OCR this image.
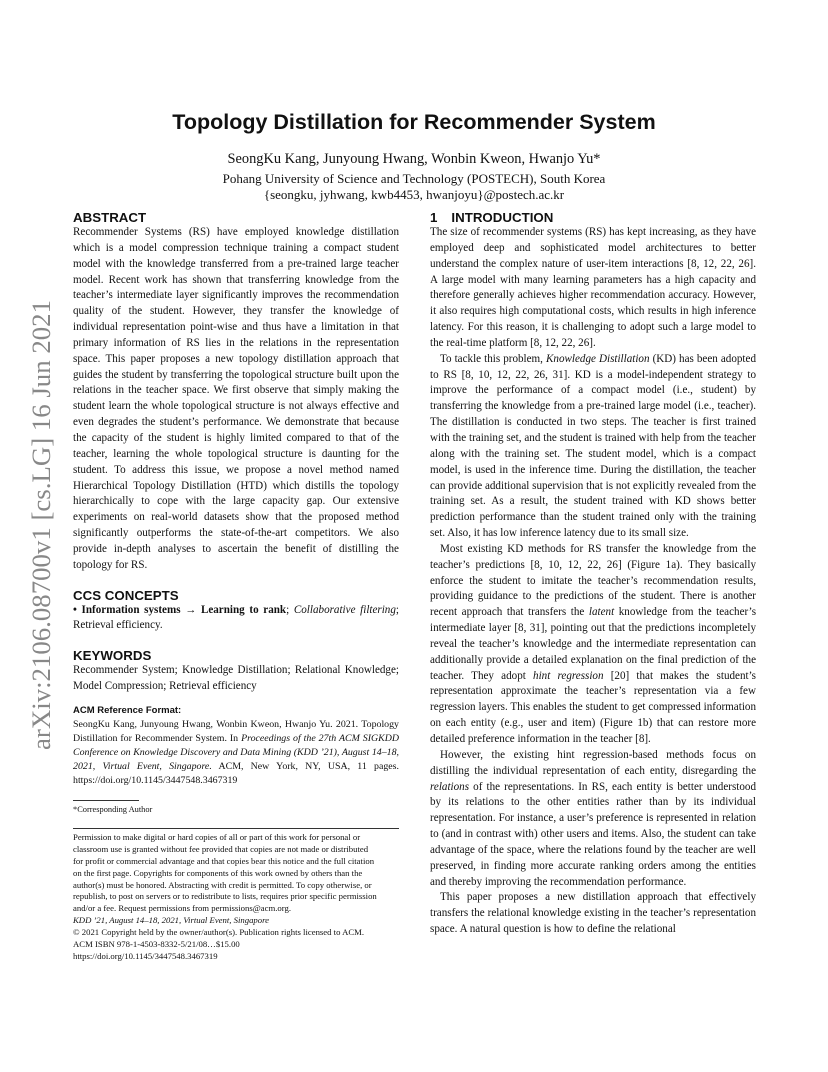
arXiv:2106.08700v1 [cs.LG] 16 Jun 2021
Topology Distillation for Recommender System
SeongKu Kang, Junyoung Hwang, Wonbin Kweon, Hwanjo Yu*
Pohang University of Science and Technology (POSTECH), South Korea
{seongku, jyhwang, kwb4453, hwanjoyu}@postech.ac.kr
ABSTRACT

Recommender Systems (RS) have employed knowledge distillation which is a model compression technique training a compact student model with the knowledge transferred from a pre-trained large teacher model. Recent work has shown that transferring knowledge from the teacher’s intermediate layer significantly improves the recommendation quality of the student. However, they transfer the knowledge of individual representation point-wise and thus have a limitation in that primary information of RS lies in the relations in the representation space. This paper proposes a new topology distillation approach that guides the student by transferring the topological structure built upon the relations in the teacher space. We first observe that simply making the student learn the whole topological structure is not always effective and even degrades the student’s performance. We demonstrate that because the capacity of the student is highly limited compared to that of the teacher, learning the whole topological structure is daunting for the student. To address this issue, we propose a novel method named Hierarchical Topology Distillation (HTD) which distills the topology hierarchically to cope with the large capacity gap. Our extensive experiments on real-world datasets show that the proposed method significantly outperforms the state-of-the-art competitors. We also provide in-depth analyses to ascertain the benefit of distilling the topology for RS.

CCS CONCEPTS

• Information systems → Learning to rank; Collaborative filtering; Retrieval efficiency.

KEYWORDS

Recommender System; Knowledge Distillation; Relational Knowledge; Model Compression; Retrieval efficiency

ACM Reference Format:
SeongKu Kang, Junyoung Hwang, Wonbin Kweon, Hwanjo Yu. 2021. Topology Distillation for Recommender System. In Proceedings of the 27th ACM SIGKDD Conference on Knowledge Discovery and Data Mining (KDD ’21), August 14–18, 2021, Virtual Event, Singapore. ACM, New York, NY, USA, 11 pages. https://doi.org/10.1145/3447548.3467319
*Corresponding Author
Permission to make digital or hard copies of all or part of this work for personal or
classroom use is granted without fee provided that copies are not made or distributed
for profit or commercial advantage and that copies bear this notice and the full citation
on the first page. Copyrights for components of this work owned by others than the
author(s) must be honored. Abstracting with credit is permitted. To copy otherwise, or
republish, to post on servers or to redistribute to lists, requires prior specific permission
and/or a fee. Request permissions from permissions@acm.org.
KDD ’21, August 14–18, 2021, Virtual Event, Singapore
© 2021 Copyright held by the owner/author(s). Publication rights licensed to ACM.
ACM ISBN 978-1-4503-8332-5/21/08…$15.00
https://doi.org/10.1145/3447548.3467319
1 INTRODUCTION

The size of recommender systems (RS) has kept increasing, as they have employed deep and sophisticated model architectures to better understand the complex nature of user-item interactions [8, 12, 22, 26]. A large model with many learning parameters has a high capacity and therefore generally achieves higher recommendation accuracy. However, it also requires high computational costs, which results in high inference latency. For this reason, it is challenging to adopt such a large model to the real-time platform [8, 12, 22, 26].

To tackle this problem, Knowledge Distillation (KD) has been adopted to RS [8, 10, 12, 22, 26, 31]. KD is a model-independent strategy to improve the performance of a compact model (i.e., student) by transferring the knowledge from a pre-trained large model (i.e., teacher). The distillation is conducted in two steps. The teacher is first trained with the training set, and the student is trained with help from the teacher along with the training set. The student model, which is a compact model, is used in the inference time. During the distillation, the teacher can provide additional supervision that is not explicitly revealed from the training set. As a result, the student trained with KD shows better prediction performance than the student trained only with the training set. Also, it has low inference latency due to its small size.

Most existing KD methods for RS transfer the knowledge from the teacher’s predictions [8, 10, 12, 22, 26] (Figure 1a). They basically enforce the student to imitate the teacher’s recommendation results, providing guidance to the predictions of the student. There is another recent approach that transfers the latent knowledge from the teacher’s intermediate layer [8, 31], pointing out that the predictions incompletely reveal the teacher’s knowledge and the intermediate representation can additionally provide a detailed explanation on the final prediction of the teacher. They adopt hint regression [20] that makes the student’s representation approximate the teacher’s representation via a few regression layers. This enables the student to get compressed information on each entity (e.g., user and item) (Figure 1b) that can restore more detailed preference information in the teacher [8].

However, the existing hint regression-based methods focus on distilling the individual representation of each entity, disregarding the relations of the representations. In RS, each entity is better understood by its relations to the other entities rather than by its individual representation. For instance, a user’s preference is represented in relation to (and in contrast with) other users and items. Also, the student can take advantage of the space, where the relations found by the teacher are well preserved, in finding more accurate ranking orders among the entities and thereby improving the recommendation performance.

This paper proposes a new distillation approach that effectively transfers the relational knowledge existing in the teacher’s representation space. A natural question is how to define the relational
